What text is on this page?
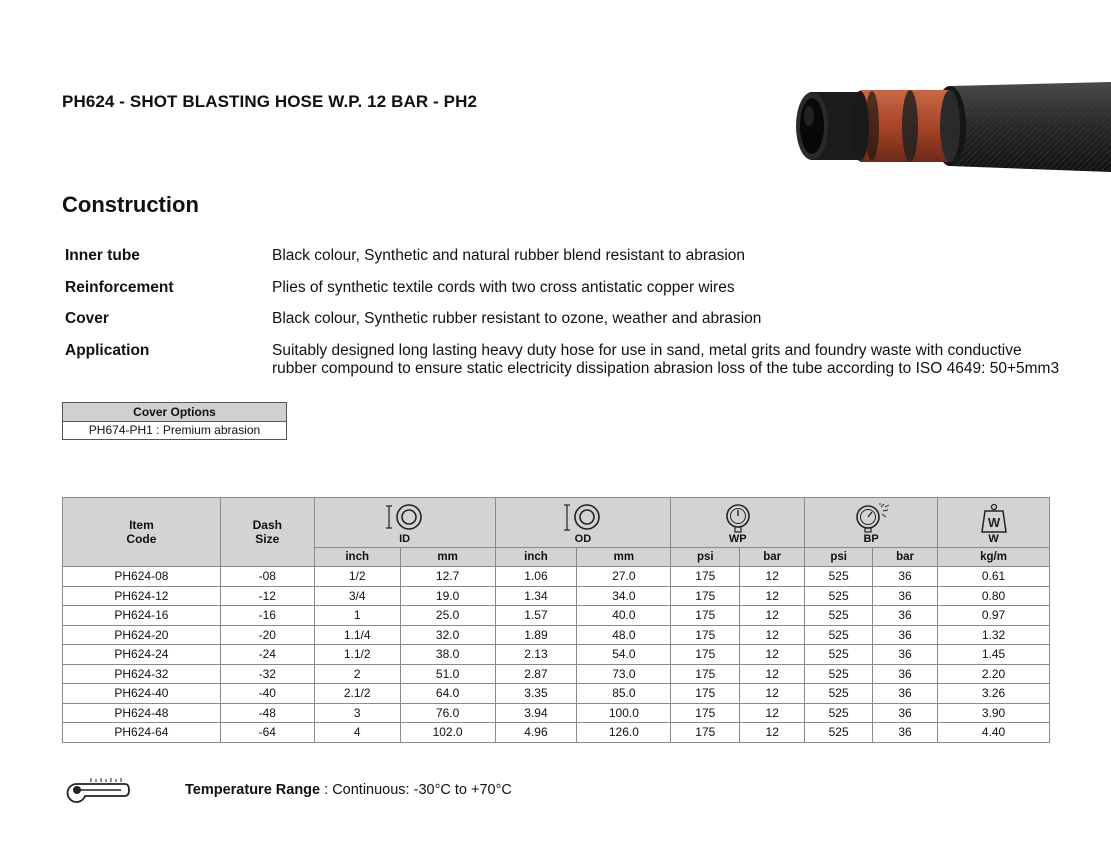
PH624 - SHOT BLASTING HOSE W.P. 12 BAR - PH2
Construction
Inner tube	Black colour, Synthetic and natural rubber blend resistant to abrasion
Reinforcement	Plies of synthetic textile cords with two cross antistatic copper wires
Cover	Black colour, Synthetic rubber resistant to ozone, weather and abrasion
Application	Suitably designed long lasting heavy duty hose for use in sand, metal grits and foundry waste with conductive rubber compound to ensure static electricity dissipation abrasion loss of the tube according to ISO 4649: 50+5mm3
Cover Options
PH674-PH1 : Premium abrasion
Item Code	Dash Size	ID		OD		WP		BP		W
W

		inch	mm	inch	mm	psi	bar	psi	bar	kg/m
PH624-08	-08	1/2	12.7	1.06	27.0	175	12	525	36	0.61
PH624-12	-12	3/4	19.0	1.34	34.0	175	12	525	36	0.80
PH624-16	-16	1	25.0	1.57	40.0	175	12	525	36	0.97
PH624-20	-20	1.1/4	32.0	1.89	48.0	175	12	525	36	1.32
PH624-24	-24	1.1/2	38.0	2.13	54.0	175	12	525	36	1.45
PH624-32	-32	2	51.0	2.87	73.0	175	12	525	36	2.20
PH624-40	-40	2.1/2	64.0	3.35	85.0	175	12	525	36	3.26
PH624-48	-48	3	76.0	3.94	100.0	175	12	525	36	3.90
PH624-64	-64	4	102.0	4.96	126.0	175	12	525	36	4.40
Temperature Range : Continuous: -30°C to +70°C
